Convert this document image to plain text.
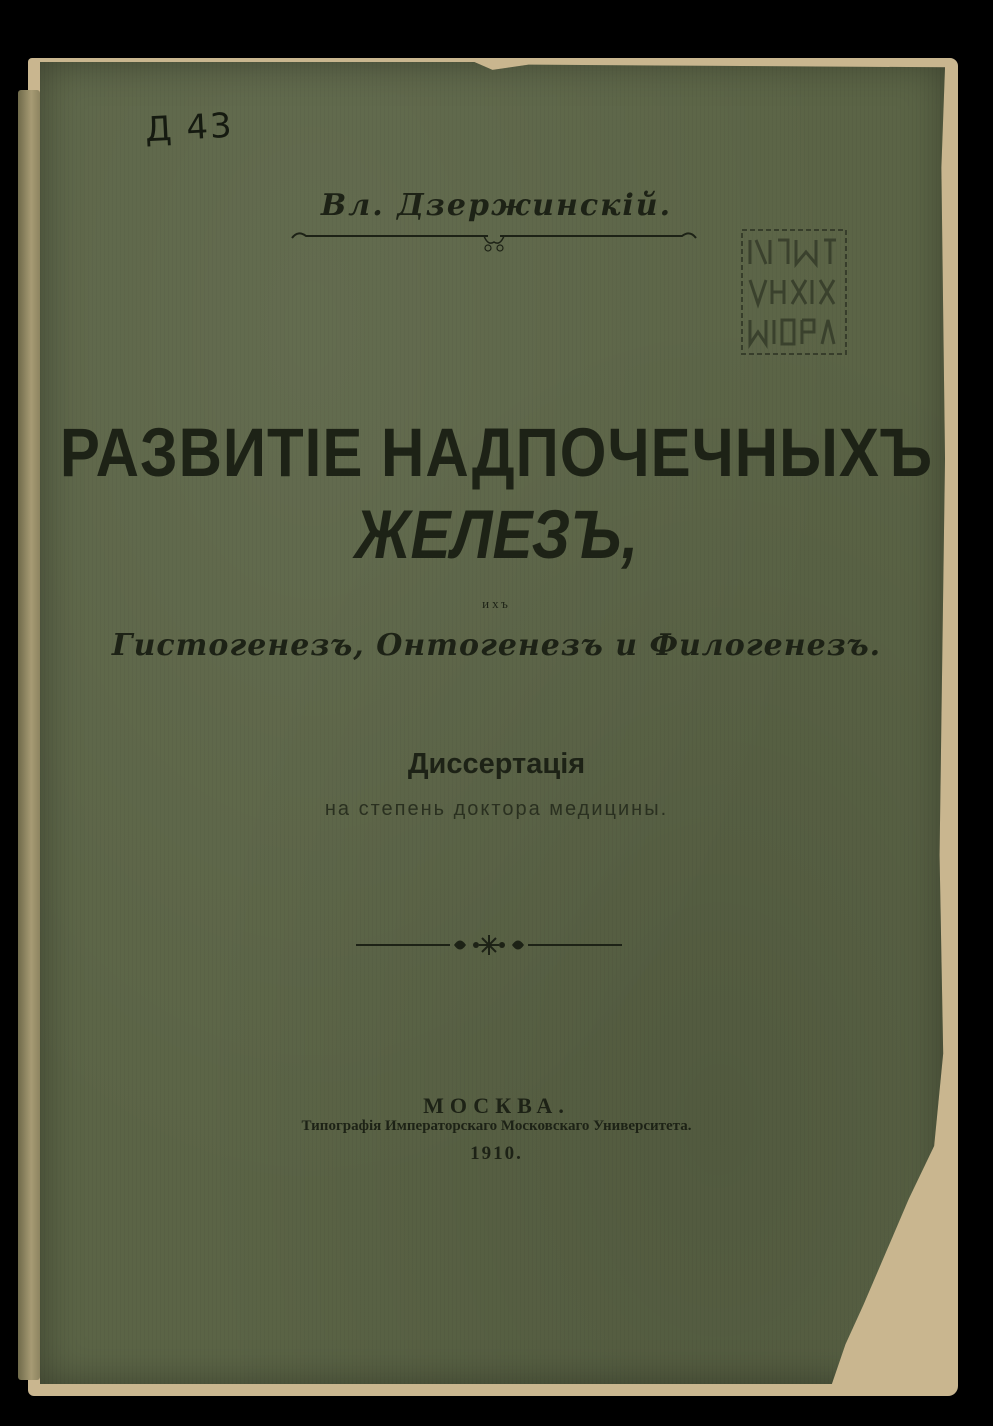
Д 43
Вл. Дзержинскій.
РАЗВИТІЕ НАДПОЧЕЧНЫХЪ
ЖЕЛЕЗЪ,
ихъ
Гистогенезъ, Онтогенезъ и Филогенезъ.
Диссертація
на степень доктора медицины.
МОСКВА.
Типографія Императорскаго Московскаго Университета.
1910.
